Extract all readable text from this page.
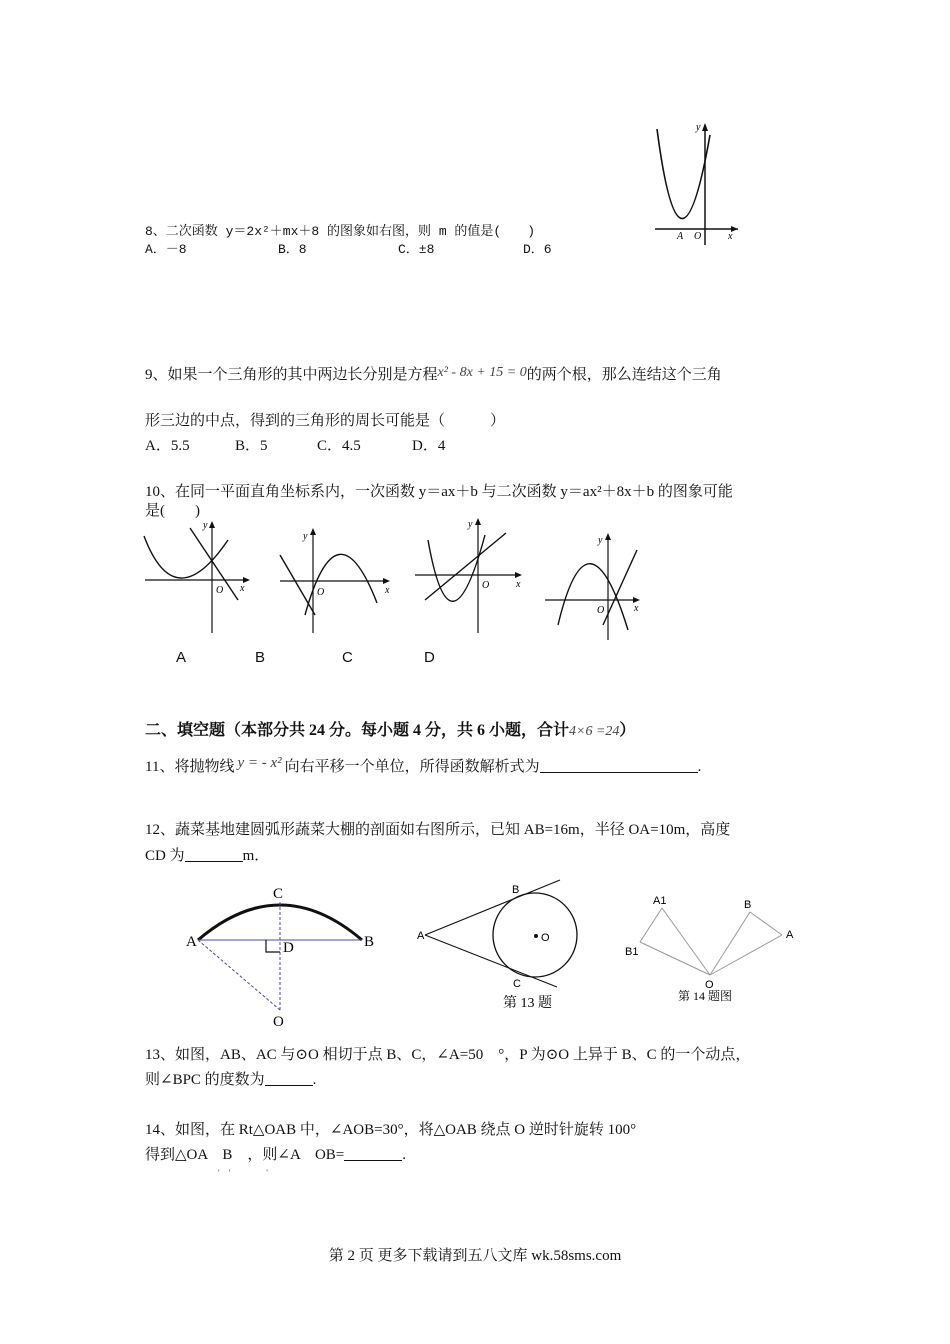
8、二次函数 y＝2x²＋mx＋8 的图象如右图，则 m 的值是(　　)
A．－8	B．8	C．±8	D．6
y
x
A O
9、如果一个三角形的其中两边长分别是方程x² - 8x + 15 = 0的两个根，那么连结这个三角
形三边的中点，得到的三角形的周长可能是（　　　）
A．5.5	B．5	C．4.5	D．4
10、在同一平面直角坐标系内，一次函数 y＝ax＋b 与二次函数 y＝ax²＋8x＋b 的图象可能
是(　　)
y
x
O
y
x
O
y
x
O
y
x
O
A	B	C	D
二、填空题（本部分共 24 分。每小题 4 分，共 6 小题，合计4×6 =24）
11、将抛物线 y = - x² 向右平移一个单位，所得函数解析式为	.
12、蔬菜基地建圆弧形蔬菜大棚的剖面如右图所示，已知 AB=16m，半径 OA=10m，高度
CD 为	m．
C
A	D	B
O
B
A	O
C
第 13 题
A1	B
A
B1
O
第 14 题图
13、如图，AB、AC 与⊙O 相切于点 B、C，∠A=50　°，P 为⊙O 上异于 B、C 的一个动点，
则∠BPC 的度数为	.
14、如图，在 Rt△OAB 中，∠AOB=30°，将△OAB 绕点 O 逆时针旋转 100°
得到△OA　B　，则∠A　OB=	.
'　'　　　　'
第 2 页 更多下载请到五八文库 wk.58sms.com
